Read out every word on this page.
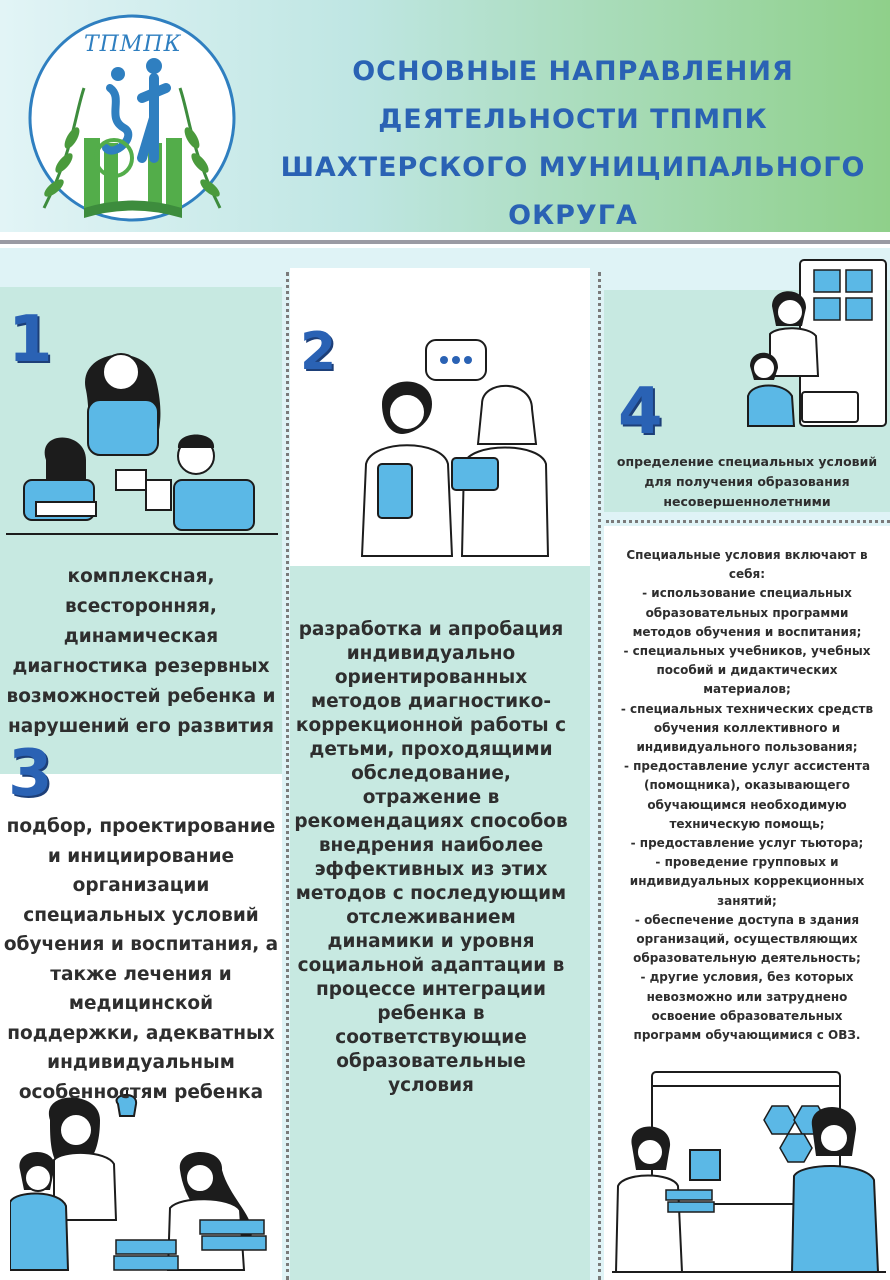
ТПМПК
ОСНОВНЫЕ НАПРАВЛЕНИЯ
ДЕЯТЕЛЬНОСТИ ТПМПК
ШАХТЕРСКОГО МУНИЦИПАЛЬНОГО ОКРУГА
1	2
3
4
комплексная,
всесторонняя,
динамическая
диагностика резервных
возможностей ребенка и
нарушений его развития
разработка и апробация
индивидуально
ориентированных
методов диагностико-
коррекционной работы с
детьми, проходящими
обследование,
отражение в
рекомендациях способов
внедрения наиболее
эффективных из этих
методов с последующим
отслеживанием
динамики и уровня
социальной адаптации в
процессе интеграции
ребенка в
соответствующие
образовательные
условия
подбор, проектирование
и инициирование
организации
специальных условий
обучения и воспитания, а
также лечения и
медицинской
поддержки, адекватных
индивидуальным
особенностям ребенка
определение специальных условий
для получения образования
несовершеннолетними
Специальные условия включают в
себя:
- использование специальных
образовательных программи
методов обучения и воспитания;
- специальных учебников, учебных
пособий и дидактических
материалов;
- специальных технических средств
обучения коллективного и
индивидуального пользования;
- предоставление услуг ассистента
(помощника), оказывающего
обучающимся необходимую
техническую помощь;
- предоставление услуг тьютора;
- проведение групповых и
индивидуальных коррекционных
занятий;
- обеспечение доступа в здания
организаций, осуществляющих
образовательную деятельность;
- другие условия, без которых
невозможно или затруднено
освоение образовательных
программ обучающимися с ОВЗ.
